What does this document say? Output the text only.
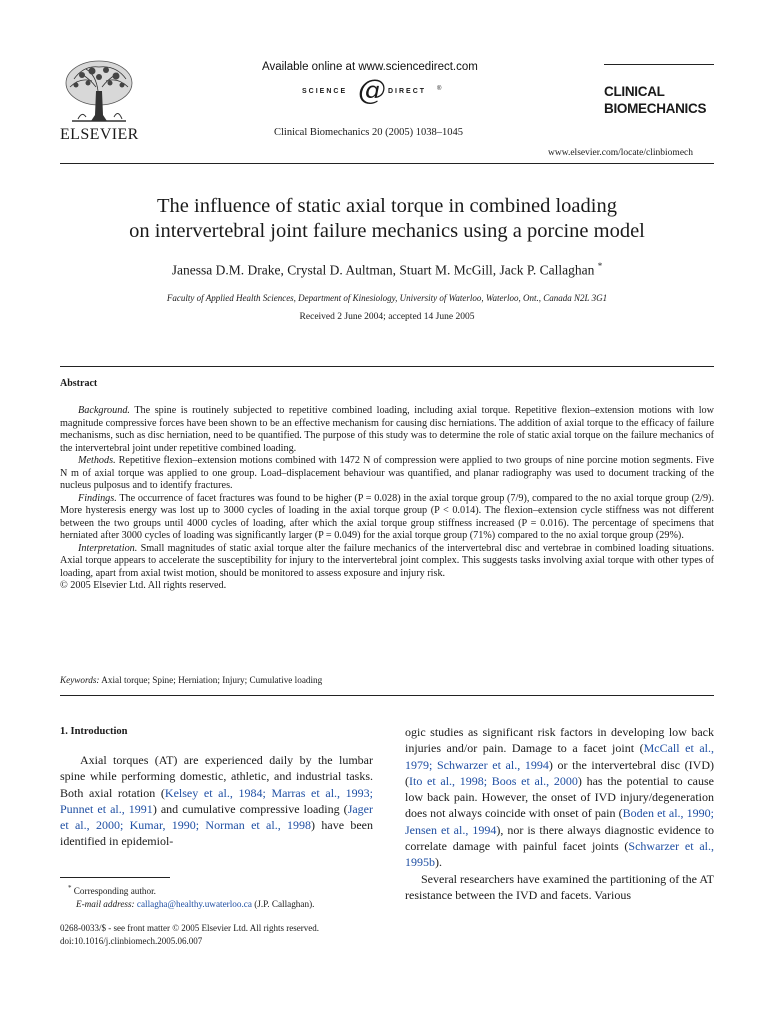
ELSEVIER
Available online at www.sciencedirect.com
SCIENCE @ DIRECT ®
Clinical Biomechanics 20 (2005) 1038–1045
CLINICAL
BIOMECHANICS
www.elsevier.com/locate/clinbiomech
The influence of static axial torque in combined loading
on intervertebral joint failure mechanics using a porcine model
Janessa D.M. Drake, Crystal D. Aultman, Stuart M. McGill, Jack P. Callaghan *
Faculty of Applied Health Sciences, Department of Kinesiology, University of Waterloo, Waterloo, Ont., Canada N2L 3G1
Received 2 June 2004; accepted 14 June 2005
Abstract

Background. The spine is routinely subjected to repetitive combined loading, including axial torque. Repetitive flexion–extension motions with low magnitude compressive forces have been shown to be an effective mechanism for causing disc herniations. The addition of axial torque to the efficacy of failure mechanisms, such as disc herniation, need to be quantified. The purpose of this study was to determine the role of static axial torque on the failure mechanics of the intervertebral joint under repetitive combined loading.

Methods. Repetitive flexion–extension motions combined with 1472 N of compression were applied to two groups of nine porcine motion segments. Five N m of axial torque was applied to one group. Load–displacement behaviour was quantified, and planar radiography was used to document tracking of the nucleus pulposus and to identify fractures.

Findings. The occurrence of facet fractures was found to be higher (P = 0.028) in the axial torque group (7/9), compared to the no axial torque group (2/9). More hysteresis energy was lost up to 3000 cycles of loading in the axial torque group (P < 0.014). The flexion–extension cycle stiffness was not different between the two groups until 4000 cycles of loading, after which the axial torque group stiffness increased (P = 0.016). The percentage of specimens that herniated after 3000 cycles of loading was significantly larger (P = 0.049) for the axial torque group (71%) compared to the no axial torque group (29%).

Interpretation. Small magnitudes of static axial torque alter the failure mechanics of the intervertebral disc and vertebrae in combined loading situations. Axial torque appears to accelerate the susceptibility for injury to the intervertebral joint complex. This suggests tasks involving axial torque with other types of loading, apart from axial twist motion, should be monitored to assess exposure and injury risk.

© 2005 Elsevier Ltd. All rights reserved.

Keywords: Axial torque; Spine; Herniation; Injury; Cumulative loading
1. Introduction
Axial torques (AT) are experienced daily by the lumbar spine while performing domestic, athletic, and industrial tasks. Both axial rotation (Kelsey et al., 1984; Marras et al., 1993; Punnet et al., 1991) and cumulative compressive loading (Jager et al., 2000; Kumar, 1990; Norman et al., 1998) have been identified in epidemiol-
* Corresponding author.
E-mail address: callagha@healthy.uwaterloo.ca (J.P. Callaghan).
0268-0033/$ - see front matter © 2005 Elsevier Ltd. All rights reserved.
doi:10.1016/j.clinbiomech.2005.06.007
ogic studies as significant risk factors in developing low back injuries and/or pain. Damage to a facet joint (McCall et al., 1979; Schwarzer et al., 1994) or the intervertebral disc (IVD) (Ito et al., 1998; Boos et al., 2000) has the potential to cause low back pain. However, the onset of IVD injury/degeneration does not always coincide with onset of pain (Boden et al., 1990; Jensen et al., 1994), nor is there always diagnostic evidence to correlate damage with painful facet joints (Schwarzer et al., 1995b).
Several researchers have examined the partitioning of the AT resistance between the IVD and facets. Various
